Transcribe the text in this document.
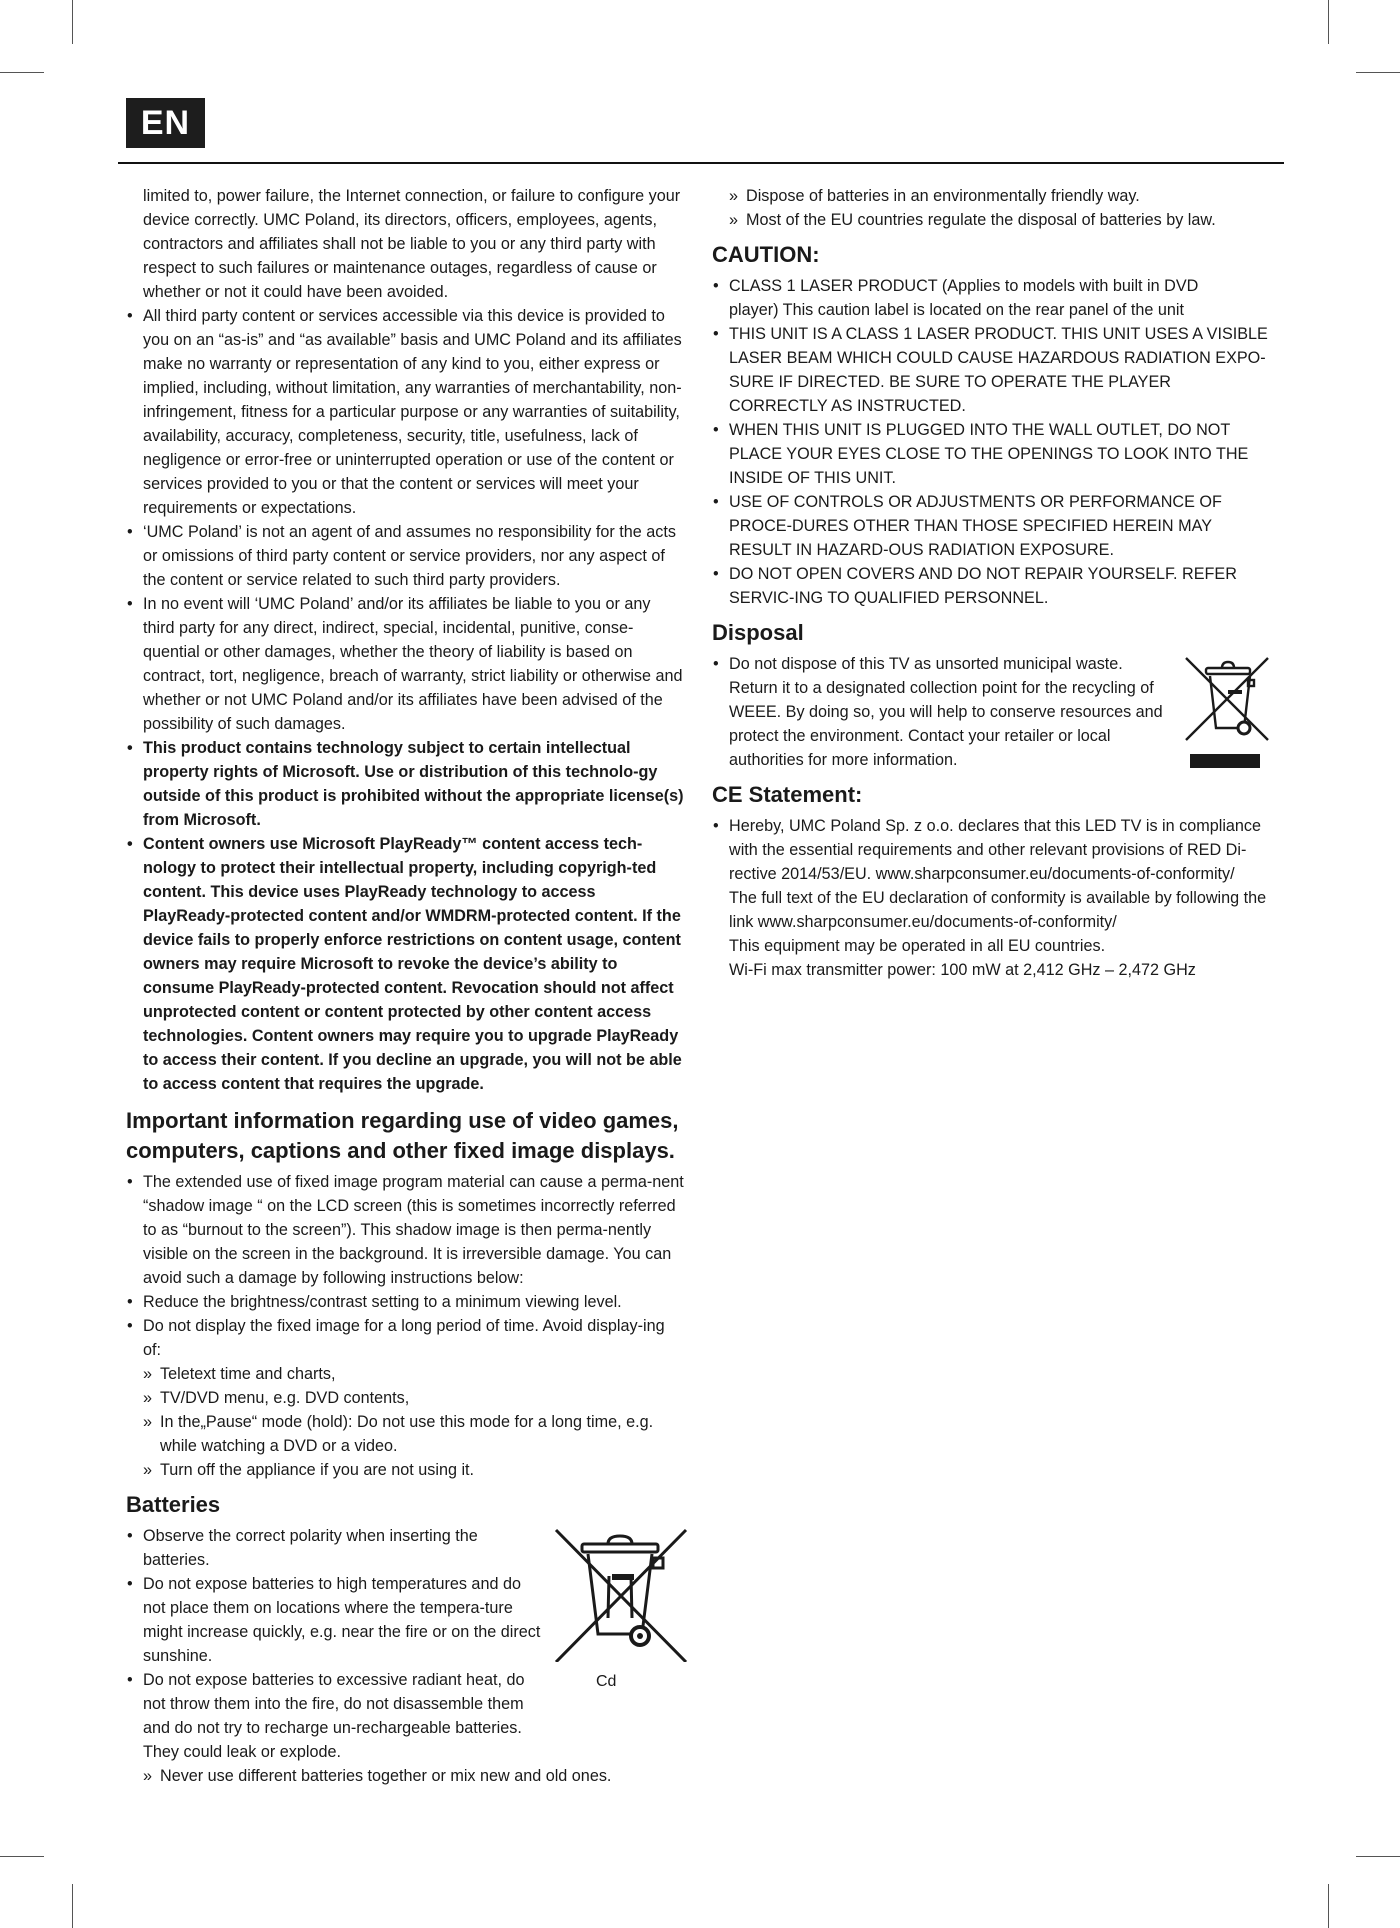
EN

limited to, power failure, the Internet connection, or failure to configure your device correctly. UMC Poland, its directors, officers, employees, agents, contractors and affiliates shall not be liable to you or any third party with respect to such failures or maintenance outages, regardless of cause or whether or not it could have been avoided.

• All third party content or services accessible via this device is provided to you on an “as-is” and “as available” basis and UMC Poland and its affiliates make no warranty or representation of any kind to you, either express or implied, including, without limitation, any warranties of merchantability, non-infringement, fitness for a particular purpose or any warranties of suitability, availability, accuracy, completeness, security, title, usefulness, lack of negligence or error-free or uninterrupted operation or use of the content or services provided to you or that the content or services will meet your requirements or expectations.
• ‘UMC Poland’ is not an agent of and assumes no responsibility for the acts or omissions of third party content or service providers, nor any aspect of the content or service related to such third party providers.
• In no event will ‘UMC Poland’ and/or its affiliates be liable to you or any third party for any direct, indirect, special, incidental, punitive, conse-quential or other damages, whether the theory of liability is based on contract, tort, negligence, breach of warranty, strict liability or otherwise and whether or not UMC Poland and/or its affiliates have been advised of the possibility of such damages.
• This product contains technology subject to certain intellectual property rights of Microsoft. Use or distribution of this technolo-gy outside of this product is prohibited without the appropriate license(s) from Microsoft.
• Content owners use Microsoft PlayReady™ content access tech-nology to protect their intellectual property, including copyrigh-ted content. This device uses PlayReady technology to access PlayReady-protected content and/or WMDRM-protected content. If the device fails to properly enforce restrictions on content usage, content owners may require Microsoft to revoke the device’s ability to consume PlayReady-protected content. Revocation should not affect unprotected content or content protected by other content access technologies. Content owners may require you to upgrade PlayReady to access their content. If you decline an upgrade, you will not be able to access content that requires the upgrade.
Important information regarding use of video games, computers, captions and other fixed image displays.
• The extended use of fixed image program material can cause a perma-nent “shadow image “ on the LCD screen (this is sometimes incorrectly referred to as “burnout to the screen”). This shadow image is then perma-nently visible on the screen in the background. It is irreversible damage. You can avoid such a damage by following instructions below:
• Reduce the brightness/contrast setting to a minimum viewing level.
• Do not display the fixed image for a long period of time. Avoid display-ing of:
» Teletext time and charts,
» TV/DVD menu, e.g. DVD contents,
» In the„Pause“ mode (hold): Do not use this mode for a long time, e.g. while watching a DVD or a video.
» Turn off the appliance if you are not using it.
Batteries
• Observe the correct polarity when inserting the batteries.
• Do not expose batteries to high temperatures and do not place them on locations where the tempera-ture might increase quickly, e.g. near the fire or on the direct sunshine.
• Do not expose batteries to excessive radiant heat, do not throw them into the fire, do not disassemble them and do not try to recharge un-rechargeable batteries. They could leak or explode.
» Never use different batteries together or mix new and old ones.
Cd
» Dispose of batteries in an environmentally friendly way.
» Most of the EU countries regulate the disposal of batteries by law.
CAUTION:
• CLASS 1 LASER PRODUCT (Applies to models with built in DVD player) This caution label is located on the rear panel of the unit
• THIS UNIT IS A CLASS 1 LASER PRODUCT. THIS UNIT USES A VISIBLE LASER BEAM WHICH COULD CAUSE HAZARDOUS RADIATION EXPO-SURE IF DIRECTED. BE SURE TO OPERATE THE PLAYER CORRECTLY AS INSTRUCTED.
• WHEN THIS UNIT IS PLUGGED INTO THE WALL OUTLET, DO NOT PLACE YOUR EYES CLOSE TO THE OPENINGS TO LOOK INTO THE INSIDE OF THIS UNIT.
• USE OF CONTROLS OR ADJUSTMENTS OR PERFORMANCE OF PROCE-DURES OTHER THAN THOSE SPECIFIED HEREIN MAY RESULT IN HAZARD-OUS RADIATION EXPOSURE.
• DO NOT OPEN COVERS AND DO NOT REPAIR YOURSELF. REFER SERVIC-ING TO QUALIFIED PERSONNEL.
Disposal
• Do not dispose of this TV as unsorted municipal waste. Return it to a designated collection point for the recycling of WEEE. By doing so, you will help to conserve resources and protect the environment. Contact your retailer or local authorities for more information.
CE Statement:
• Hereby, UMC Poland Sp. z o.o. declares that this LED TV is in compliance with the essential requirements and other relevant provisions of RED Di-rective 2014/53/EU. www.sharpconsumer.eu/documents-of-conformity/
The full text of the EU declaration of conformity is available by following the link www.sharpconsumer.eu/documents-of-conformity/
This equipment may be operated in all EU countries.
Wi-Fi max transmitter power: 100 mW at 2,412 GHz – 2,472 GHz
